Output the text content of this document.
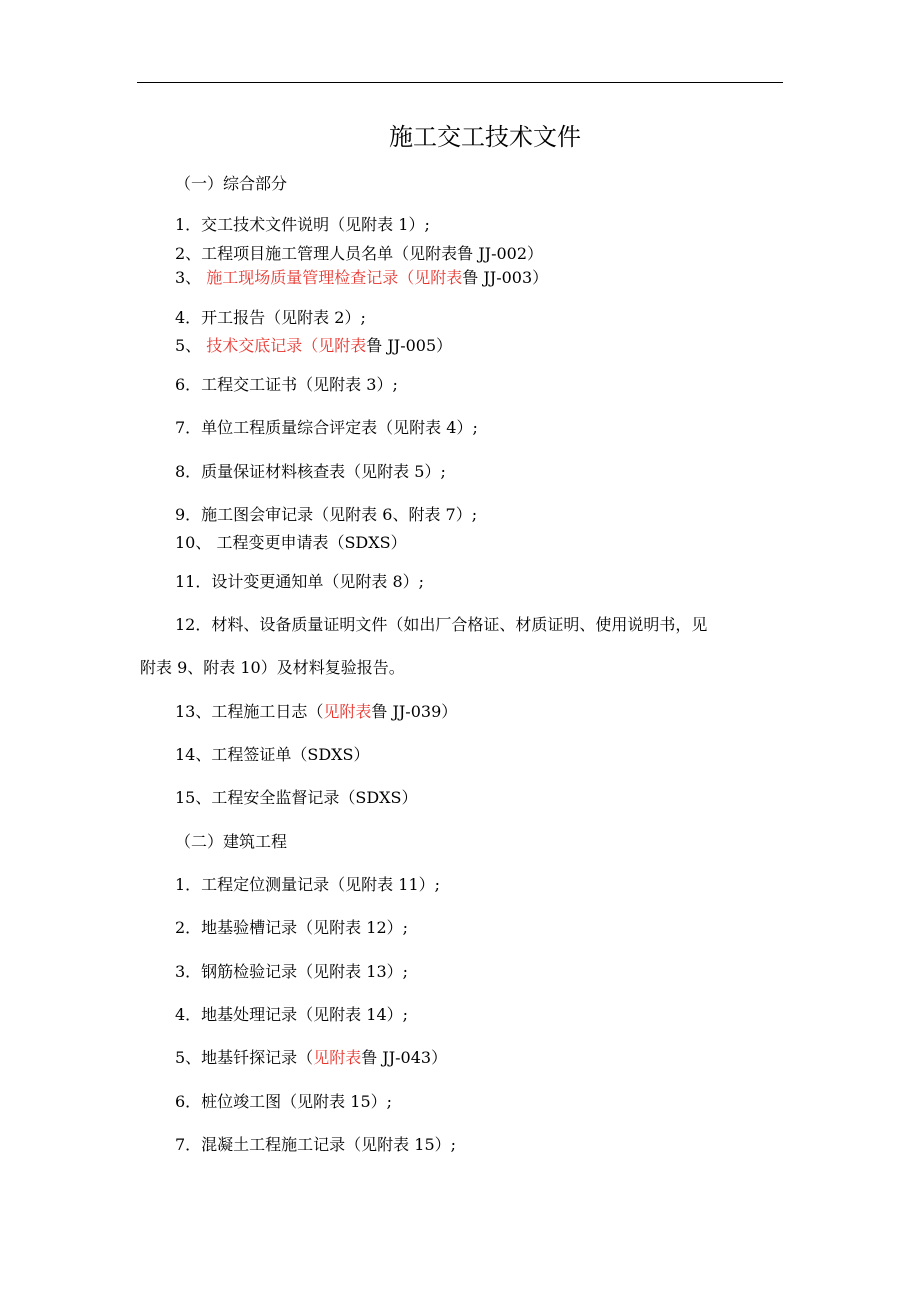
施工交工技术文件
（一）综合部分
1．交工技术文件说明（见附表 1）;
2、工程项目施工管理人员名单（见附表鲁 JJ-002）
3、 施工现场质量管理检查记录（见附表鲁 JJ-003）
4．开工报告（见附表 2）;
5、 技术交底记录（见附表鲁 JJ-005）
6．工程交工证书（见附表 3）;
7．单位工程质量综合评定表（见附表 4）;
8．质量保证材料核查表（见附表 5）;
9．施工图会审记录（见附表 6、附表 7）;
10、 工程变更申请表（SDXS）
11．设计变更通知单（见附表 8）;
12．材料、设备质量证明文件（如出厂合格证、材质证明、使用说明书，见
附表 9、附表 10）及材料复验报告。
13、工程施工日志（见附表鲁 JJ-039）
14、工程签证单（SDXS）
15、工程安全监督记录（SDXS）
（二）建筑工程
1．工程定位测量记录（见附表 11）;
2．地基验槽记录（见附表 12）;
3．钢筋检验记录（见附表 13）;
4．地基处理记录（见附表 14）;
5、地基钎探记录（见附表鲁 JJ-043）
6．桩位竣工图（见附表 15）;
7．混凝土工程施工记录（见附表 15）;
